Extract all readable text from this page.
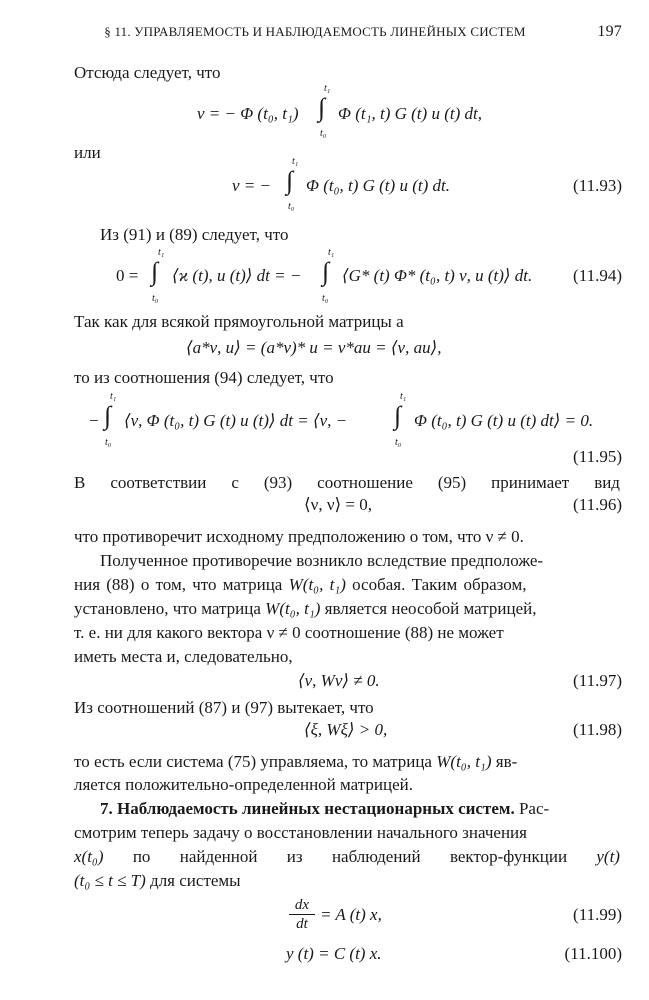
§ 11. УПРАВЛЯЕМОСТЬ И НАБЛЮДАЕМОСТЬ ЛИНЕЙНЫХ СИСТЕМ	197
Отсюда следует, что
ν = − Φ (t₀, t₁)
t₁
∫
t₀
Φ (t₁, t) G (t) u (t) dt,
или
ν = −
t₁
∫
t₀
Φ (t₀, t) G (t) u (t) dt.	(11.93)
Из (91) и (89) следует, что
0 =
t₁
∫
t₀
⟨ϰ (t), u (t)⟩ dt = −
t₁
∫
t₀
⟨G* (t) Φ* (t₀, t) ν, u (t)⟩ dt. (11.94)
Так как для всякой прямоугольной матрицы a
⟨a*ν, u⟩ = (a*ν)* u = ν*au = ⟨ν, au⟩,
то из соотношения (94) следует, что
−
t₁
∫
t₀
⟨ν, Φ (t₀, t) G (t) u (t)⟩ dt = ⟨ν, −
t₁
∫
t₀
Φ (t₀, t) G (t) u (t) dt⟩ = 0.
(11.95)
В соответствии с (93) соотношение (95) принимает вид
⟨ν, ν⟩ = 0,	(11.96)
что противоречит исходному предположению о том, что ν ≠ 0.
Полученное противоречие возникло вследствие предположе-
ния (88) о том, что матрица W(t₀, t₁) особая. Таким образом,
установлено, что матрица W(t₀, t₁) является неособой матрицей,
т. е. ни для какого вектора ν ≠ 0 соотношение (88) не может
иметь места и, следовательно,
⟨ν, Wν⟩ ≠ 0.	(11.97)
Из соотношений (87) и (97) вытекает, что
⟨ξ, Wξ⟩ > 0,	(11.98)
то есть если система (75) управляема, то матрица W(t₀, t₁) яв-
ляется положительно-определенной матрицей.
7. Наблюдаемость линейных нестационарных систем. Рас-
смотрим теперь задачу о восстановлении начального значения
x(t₀) по найденной из наблюдений вектор-функции y(t)
(t₀ ≤ t ≤ T) для системы
dx
dt = A (t) x,	(11.99)
y (t) = C (t) x.	(11.100)
